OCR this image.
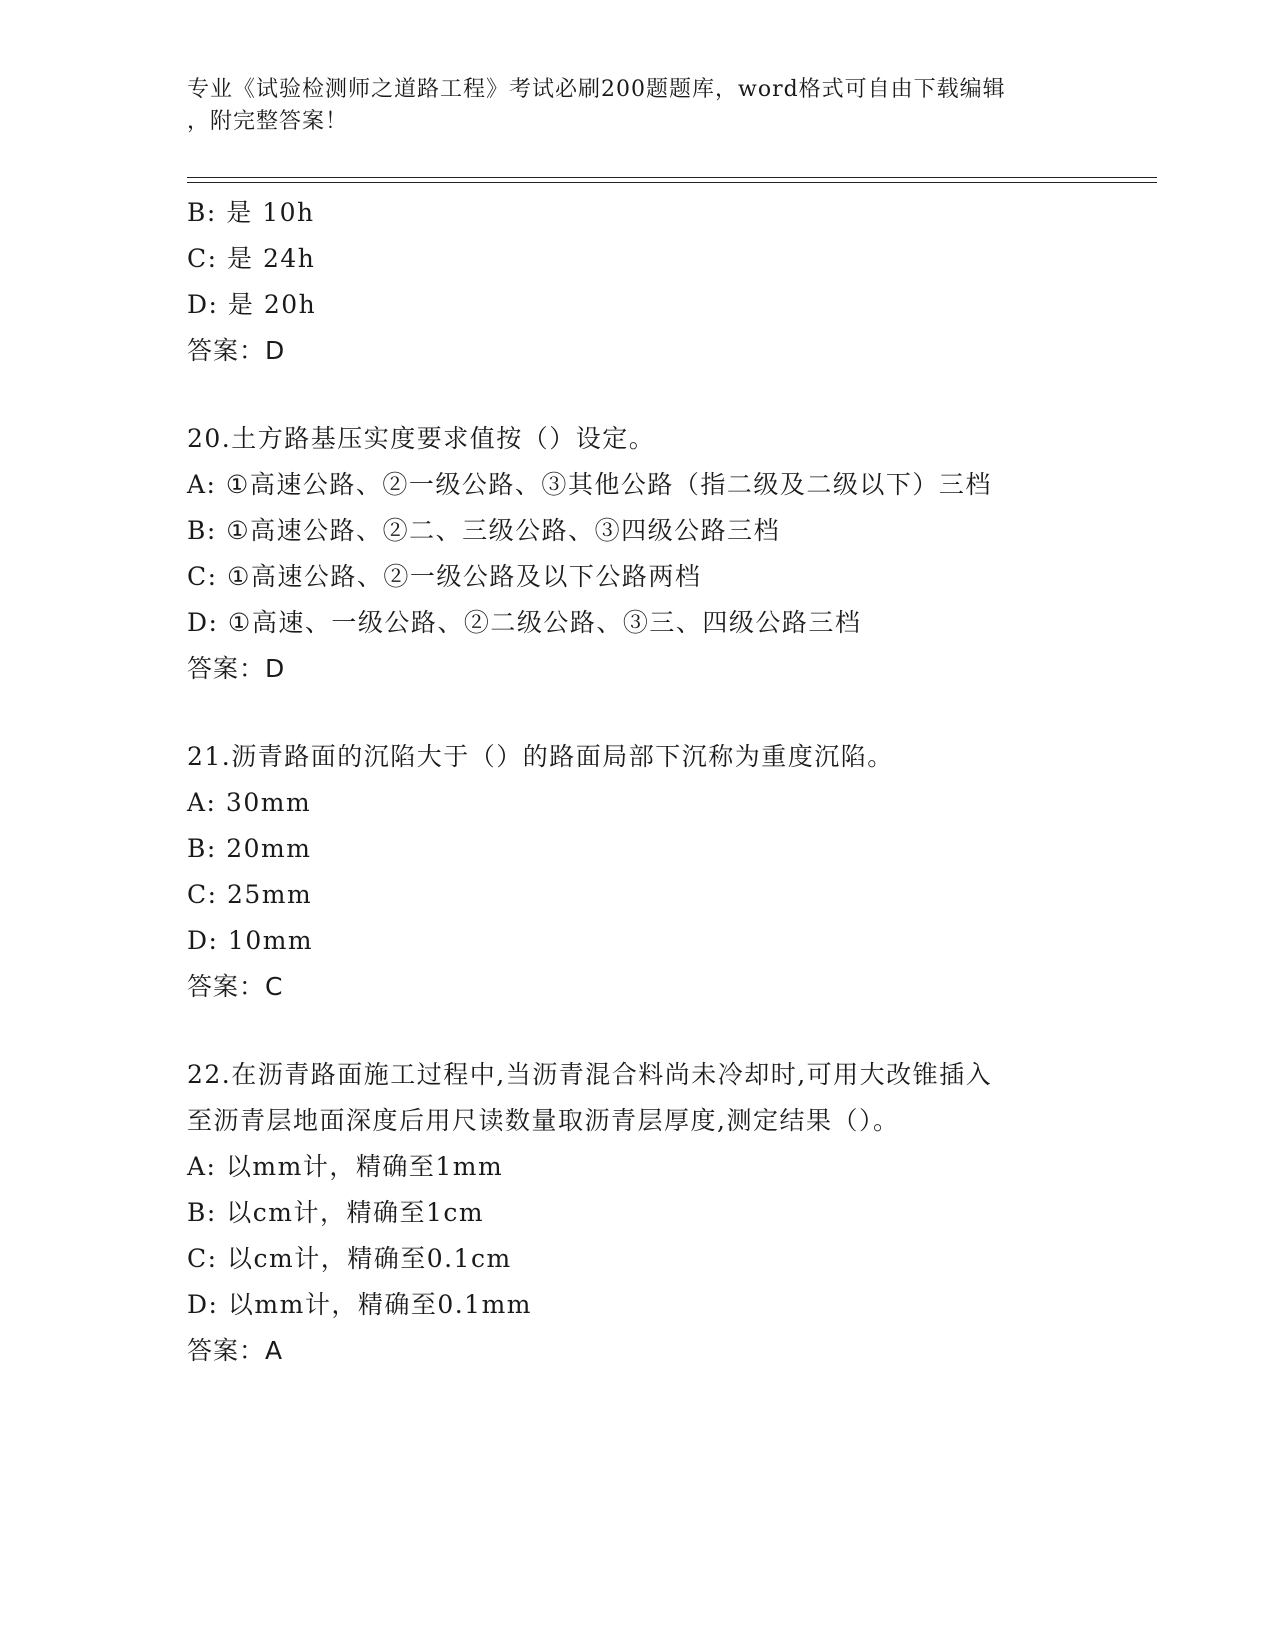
专业《试验检测师之道路工程》考试必刷200题题库，word格式可自由下载编辑
，附完整答案！
B: 是 10h
C: 是 24h
D: 是 20h
答案：D
20.土方路基压实度要求值按（）设定。
A: ①高速公路、②一级公路、③其他公路（指二级及二级以下）三档
B: ①高速公路、②二、三级公路、③四级公路三档
C: ①高速公路、②一级公路及以下公路两档
D: ①高速、一级公路、②二级公路、③三、四级公路三档
答案：D
21.沥青路面的沉陷大于（）的路面局部下沉称为重度沉陷。
A: 30mm
B: 20mm
C: 25mm
D: 10mm
答案：C
22.在沥青路面施工过程中,当沥青混合料尚未冷却时,可用大改锥插入
至沥青层地面深度后用尺读数量取沥青层厚度,测定结果（）。
A: 以mm计，精确至1mm
B: 以cm计，精确至1cm
C: 以cm计，精确至0.1cm
D: 以mm计，精确至0.1mm
答案：A
